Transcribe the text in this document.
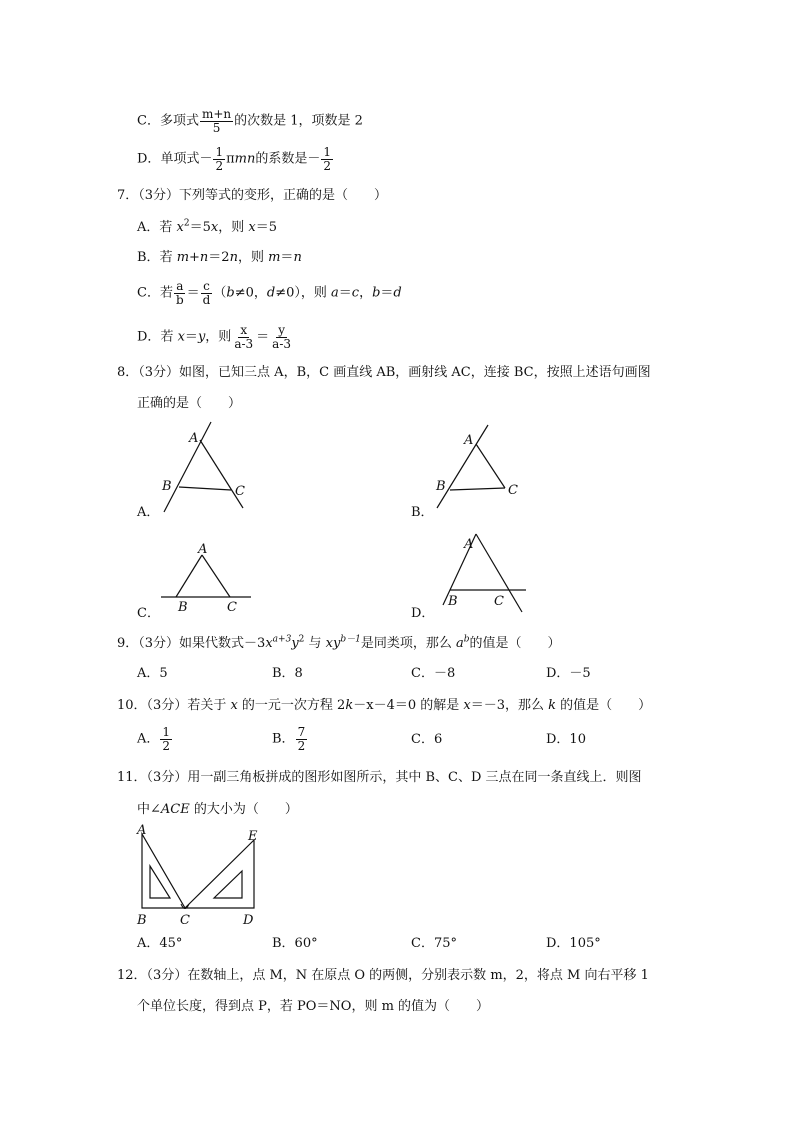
C．多项式 $\frac{m+n}{5}$ 的次数是 1，项数是 2
D．单项式－ $\frac{1}{2}$ πmn的系数是－ $\frac{1}{2}$
7．（3分）下列等式的变形，正确的是（　　）
A．若 $x^2=5x$，则 x＝5
B．若 m+n＝2n，则 m＝n
C．若 $\frac{a}{b} = \frac{c}{d} (b\ne 0$，d≠0），则 a＝c，b＝d
D．若 x＝y，则 $\frac{x}{a-3} = \frac{y}{a-3}$
8．（3分）如图，已知三点 A，B，C 画直线 AB，画射线 AC，连接 BC，按照上述语句画图
正确的是（　　）
A．
A
B	C
B．
A
B	C
C．
A
B	C	D．
A
B	C
9．（3分）如果代数式$-3x^{a+3}y^2$ 与 $xy^{b-1}$是同类项，那么 $a^b$的值是（　　）
A．5	B．8	C．－8	D．－5
10．（3分）若关于 x 的一元一次方程 2k－x－4＝0 的解是 x＝－3，那么 k 的值是（　　）
A． $\frac{1}{2}$	B． $\frac{7}{2}$	C．6	D．10
11．（3分）用一副三角板拼成的图形如图所示，其中 B、C、D 三点在同一条直线上．则图
中∠ACE 的大小为（　　）
A	E
B	C	D
A．45°	B．60°	C．75°	D．105°
12．（3分）在数轴上，点 M，N 在原点 O 的两侧，分别表示数 m，2，将点 M 向右平移 1
个单位长度，得到点 P，若 PO＝NO，则 m 的值为（　　）
